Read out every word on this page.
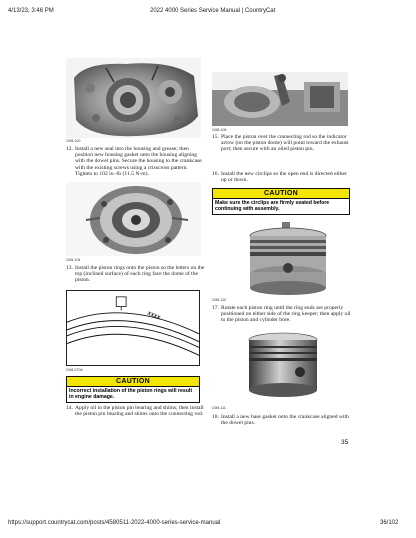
4/13/23, 3:46 PM	2022 4000 Series Service Manual | CountryCat
CMII-100
12. Install a new seal into the housing and grease; then position new housing gasket onto the housing aligning with the dowel pins. Secure the housing to the crankcase with the existing screws using a crisscross pattern. Tighten to 102 in.-lb (11.5 N-m).
CMII-104
13. Install the piston rings onto the piston so the letters on the top (inclined surface) of each ring face the dome of the piston.
XXXX
CMII-070A
CAUTION
Incorrect installation of the piston rings will result in engine damage.
14. Apply oil to the piston pin bearing and shims; then install the piston pin bearing and shims onto the connecting rod.
CMII-106
15. Place the piston over the connecting rod so the indicator arrow (on the piston dome) will point toward the exhaust port; then secure with an oiled piston pin.
16. Install the new circlips so the open end is directed either up or down.
CAUTION
Make sure the circlips are firmly seated before continuing with assembly.
CMII-110
17. Rotate each piston ring until the ring ends are properly positioned on either side of the ring keeper; then apply oil to the piston and cylinder bore.
CMII-111
18. Install a new base gasket onto the crankcase aligned with the dowel pins.
35
https://support.countrycat.com/posts/4580511-2022-4000-series-service-manual	36/102
